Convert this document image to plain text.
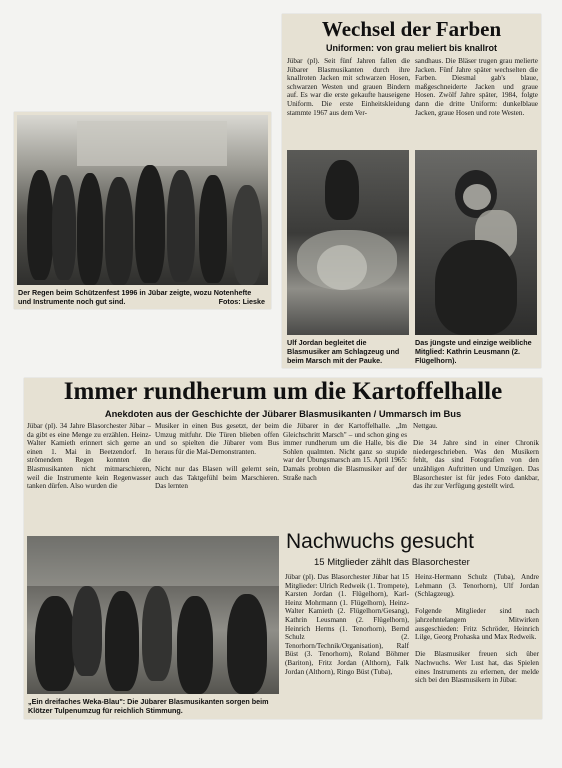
Der Regen beim Schützenfest 1996 in Jübar zeigte, wozu Notenhefte und Instrumente noch gut sind.	Fotos: Lieske
Wechsel der Farben
Uniformen: von grau meliert bis knallrot
Jübar (pl). Seit fünf Jahren fallen die Jübarer Blasmusikanten durch ihre knallroten Jacken mit schwarzen Hosen, schwarzen Westen und grauen Bindern auf. Es war die erste gekaufte hauseigene Uniform. Die erste Einheitskleidung stammte 1967 aus dem Ver-
sandhaus. Die Bläser trugen grau melierte Jacken. Fünf Jahre später wechselten die Farben. Diesmal gab's blaue, maßgeschneiderte Jacken und graue Hosen. Zwölf Jahre später, 1984, folgte dann die dritte Uniform: dunkelblaue Jacken, graue Hosen und rote Westen.
Ulf Jordan begleitet die Blasmusiker am Schlagzeug und beim Marsch mit der Pauke.
Das jüngste und einzige weibliche Mitglied: Kathrin Leusmann (2. Flügelhorn).
Immer rundherum um die Kartoffelhalle
Anekdoten aus der Geschichte der Jübarer Blasmusikanten / Ummarsch im Bus
Jübar (pl). 34 Jahre Blasorchester Jübar – da gibt es eine Menge zu erzählen. Heinz-Walter Kamieth erinnert sich gerne an einen 1. Mai in Beetzendorf. In strömendem Regen konnten die Blasmusikanten nicht mitmarschieren, weil die Instrumente kein Regenwasser tanken dürfen. Also wurden die
Musiker in einen Bus gesetzt, der beim Umzug mitfuhr. Die Türen blieben offen und so spielten die Jübarer vom Bus heraus für die Mai-Demonstranten.

Nicht nur das Blasen will gelernt sein, auch das Taktgefühl beim Marschieren. Das lernten
die Jübarer in der Kartoffelhalle. „Im Gleichschritt Marsch" – und schon ging es immer rundherum um die Halle, bis die Sohlen qualmten. Nicht ganz so stupide war der Übungsmarsch am 15. April 1965: Damals probten die Blasmusiker auf der Straße nach
Nettgau.

Die 34 Jahre sind in einer Chronik niedergeschrieben. Was den Musikern fehlt, das sind Fotografien von den unzähligen Auftritten und Umzügen. Das Blasorchester ist für jedes Foto dankbar, das ihr zur Verfügung gestellt wird.
„Ein dreifaches Weka-Blau": Die Jübarer Blasmusikanten sorgen beim Klötzer Tulpenumzug für reichlich Stimmung.
Nachwuchs gesucht
15 Mitglieder zählt das Blasorchester
Jübar (pl). Das Blasorchester Jübar hat 15 Mitglieder: Ulrich Redweik (1. Trompete), Karsten Jordan (1. Flügelhorn), Karl-Heinz Mohrmann (1. Flügelhorn), Heinz-Walter Kamieth (2. Flügelhorn/Gesang), Kathrin Leusmann (2. Flügelhorn), Heinrich Herms (1. Tenorhorn), Bernd Schulz (2. Tenorhorn/Technik/Organisation), Ralf Büst (3. Tenorhorn), Roland Böhmer (Bariton), Fritz Jordan (Althorn), Falk Jordan (Althorn), Ringo Büst (Tuba),
Heinz-Hermann Schulz (Tuba), Andre Lehmann (3. Tenorhorn), Ulf Jordan (Schlagzeug).

Folgende Mitglieder sind nach jahrzehntelangem Mitwirken ausgeschieden: Fritz Schröder, Heinrich Lilge, Georg Prohaska und Max Redweik.

Die Blasmusiker freuen sich über Nachwuchs. Wer Lust hat, das Spielen eines Instruments zu erlernen, der melde sich bei den Blasmusikern in Jübar.
